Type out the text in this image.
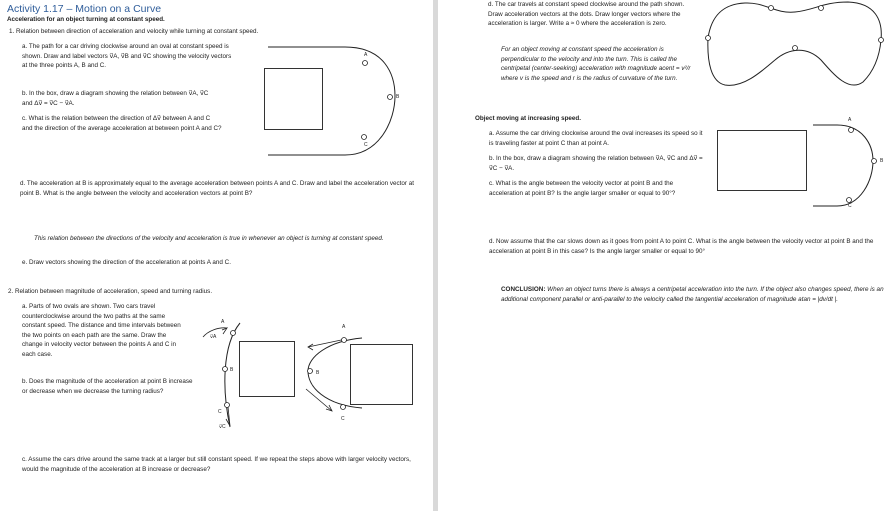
Activity 1.17 – Motion on a Curve
Acceleration for an object turning at constant speed.
1. Relation between direction of acceleration and velocity while turning at constant speed.
a. The path for a car driving clockwise around an oval at constant speed is shown. Draw and label vectors v⃗A, v⃗B and v⃗C showing the velocity vectors at the three points A, B and C.
b. In the box, draw a diagram showing the relation between v⃗A, v⃗C and Δv⃗ = v⃗C − v⃗A.
c. What is the relation between the direction of Δv⃗ between A and C and the direction of the average acceleration at between point A and C?
A
B
C
d. The acceleration at B is approximately equal to the average acceleration between points A and C. Draw and label the acceleration vector at point B. What is the angle between the velocity and acceleration vectors at point B?
This relation between the directions of the velocity and acceleration is true in whenever an object is turning at constant speed.
e. Draw vectors showing the direction of the acceleration at points A and C.
2. Relation between magnitude of acceleration, speed and turning radius.
a. Parts of two ovals are shown. Two cars travel counterclockwise around the two paths at the same constant speed. The distance and time intervals between the two points on each path are the same. Draw the change in velocity vector between the points A and C in each case.
b. Does the magnitude of the acceleration at point B increase or decrease when we decrease the turning radius?
A
v⃗A
B
C
v⃗C
A
B
C
c. Assume the cars drive around the same track at a larger but still constant speed. If we repeat the steps above with larger velocity vectors, would the magnitude of the acceleration at B increase or decrease?
d. The car travels at constant speed clockwise around the path shown. Draw acceleration vectors at the dots. Draw longer vectors where the acceleration is larger. Write a ≈ 0 where the acceleration is zero.
For an object moving at constant speed the acceleration is perpendicular to the velocity and into the turn. This is called the centripetal (center-seeking) acceleration with magnitude acent = v²/r where v is the speed and r is the radius of curvature of the turn.
Object moving at increasing speed.
a. Assume the car driving clockwise around the oval increases its speed so it is traveling faster at point C than at point A.
b. In the box, draw a diagram showing the relation between v⃗A, v⃗C and Δv⃗ = v⃗C − v⃗A.
c. What is the angle between the velocity vector at point B and the acceleration at point B? Is the angle larger smaller or equal to 90°?
A
B
C
d. Now assume that the car slows down as it goes from point A to point C. What is the angle between the velocity vector at point B and the acceleration at point B in this case? Is the angle larger smaller or equal to 90°
CONCLUSION: When an object turns there is always a centripetal acceleration into the turn. If the object also changes speed, there is an additional component parallel or anti-parallel to the velocity called the tangential acceleration of magnitude atan = |dv/dt |.
